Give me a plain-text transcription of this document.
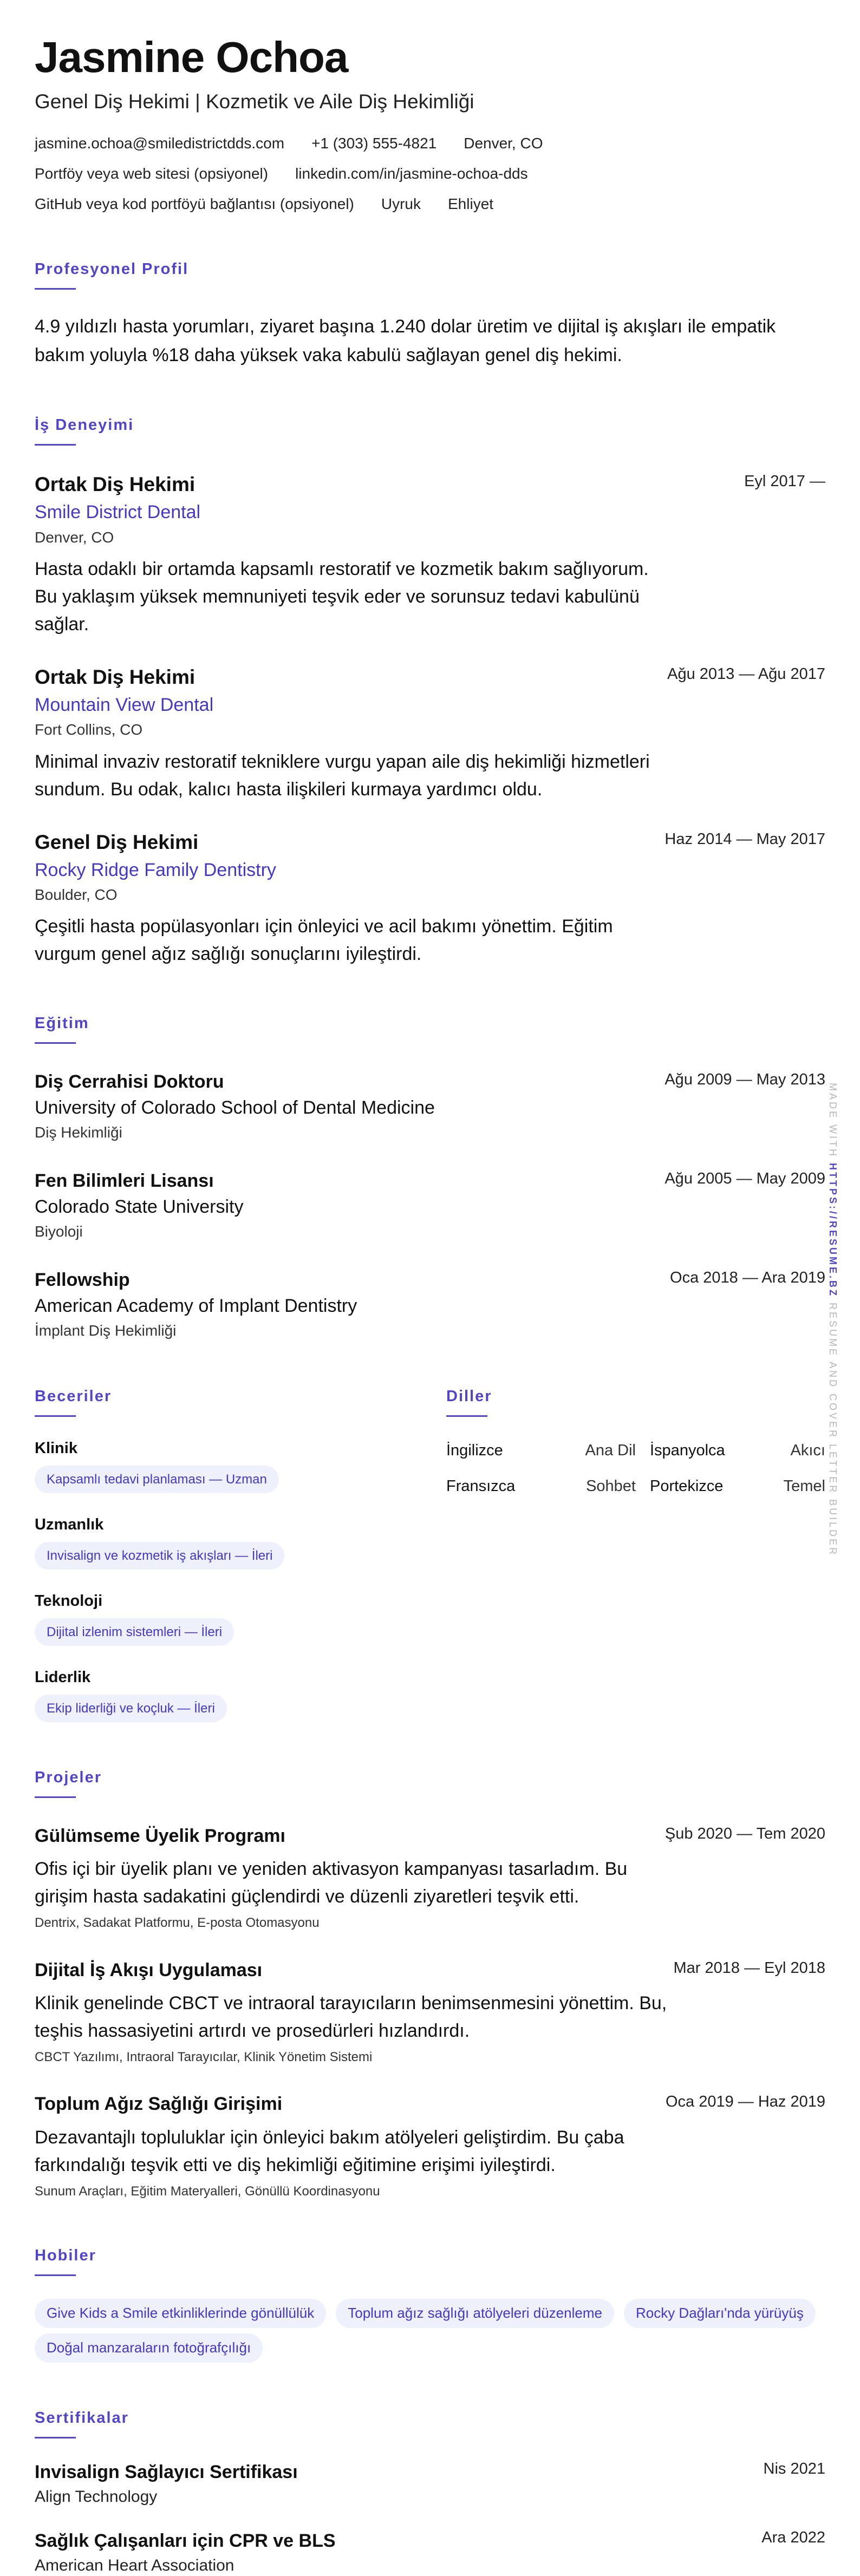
Jasmine Ochoa
Genel Diş Hekimi | Kozmetik ve Aile Diş Hekimliği
jasmine.ochoa@smiledistrictdds.com +1 (303) 555-4821 Denver, CO
Portföy veya web sitesi (opsiyonel) linkedin.com/in/jasmine-ochoa-dds
GitHub veya kod portföyü bağlantısı (opsiyonel) Uyruk Ehliyet
Profesyonel Profil

4.9 yıldızlı hasta yorumları, ziyaret başına 1.240 dolar üretim ve dijital iş akışları ile empatik bakım yoluyla %18 daha yüksek vaka kabulü sağlayan genel diş hekimi.

İş Deneyimi
Ortak Diş Hekimi	Eyl 2017 —
Smile District Dental
Denver, CO
Hasta odaklı bir ortamda kapsamlı restoratif ve kozmetik bakım sağlıyorum. Bu yaklaşım yüksek memnuniyeti teşvik eder ve sorunsuz tedavi kabulünü sağlar.
Ortak Diş Hekimi	Ağu 2013 — Ağu 2017
Mountain View Dental
Fort Collins, CO
Minimal invaziv restoratif tekniklere vurgu yapan aile diş hekimliği hizmetleri sundum. Bu odak, kalıcı hasta ilişkileri kurmaya yardımcı oldu.
Genel Diş Hekimi	Haz 2014 — May 2017
Rocky Ridge Family Dentistry
Boulder, CO
Çeşitli hasta popülasyonları için önleyici ve acil bakımı yönettim. Eğitim vurgum genel ağız sağlığı sonuçlarını iyileştirdi.
Eğitim
Diş Cerrahisi Doktoru	Ağu 2009 — May 2013
University of Colorado School of Dental Medicine
Diş Hekimliği
Fen Bilimleri Lisansı	Ağu 2005 — May 2009
Colorado State University
Biyoloji
Fellowship	Oca 2018 — Ara 2019
American Academy of Implant Dentistry
İmplant Diş Hekimliği
Beceriler
Klinik
Kapsamlı tedavi planlaması — Uzman
Uzmanlık
Invisalign ve kozmetik iş akışları — İleri
Teknoloji
Dijital izlenim sistemleri — İleri
Liderlik
Ekip liderliği ve koçluk — İleri
Diller
İngilizce	Ana Dil İspanyolca	Akıcı
Fransızca	Sohbet Portekizce	Temel
Projeler
Gülümseme Üyelik Programı	Şub 2020 — Tem 2020
Ofis içi bir üyelik planı ve yeniden aktivasyon kampanyası tasarladım. Bu girişim hasta sadakatini güçlendirdi ve düzenli ziyaretleri teşvik etti.
Dentrix, Sadakat Platformu, E-posta Otomasyonu
Dijital İş Akışı Uygulaması	Mar 2018 — Eyl 2018
Klinik genelinde CBCT ve intraoral tarayıcıların benimsenmesini yönettim. Bu, teşhis hassasiyetini artırdı ve prosedürleri hızlandırdı.
CBCT Yazılımı, Intraoral Tarayıcılar, Klinik Yönetim Sistemi
Toplum Ağız Sağlığı Girişimi	Oca 2019 — Haz 2019
Dezavantajlı topluluklar için önleyici bakım atölyeleri geliştirdim. Bu çaba farkındalığı teşvik etti ve diş hekimliği eğitimine erişimi iyileştirdi.
Sunum Araçları, Eğitim Materyalleri, Gönüllü Koordinasyonu
Hobiler
Give Kids a Smile etkinliklerinde gönüllülük	Toplum ağız sağlığı atölyeleri düzenleme	Rocky Dağları'nda yürüyüş
Doğal manzaraların fotoğrafçılığı
Sertifikalar
Invisalign Sağlayıcı Sertifikası	Nis 2021
Align Technology
Sağlık Çalışanları için CPR ve BLS	Ara 2022
American Heart Association
MADE WITH HTTPS://RESUME.BZ RESUME AND COVER LETTER BUILDER
